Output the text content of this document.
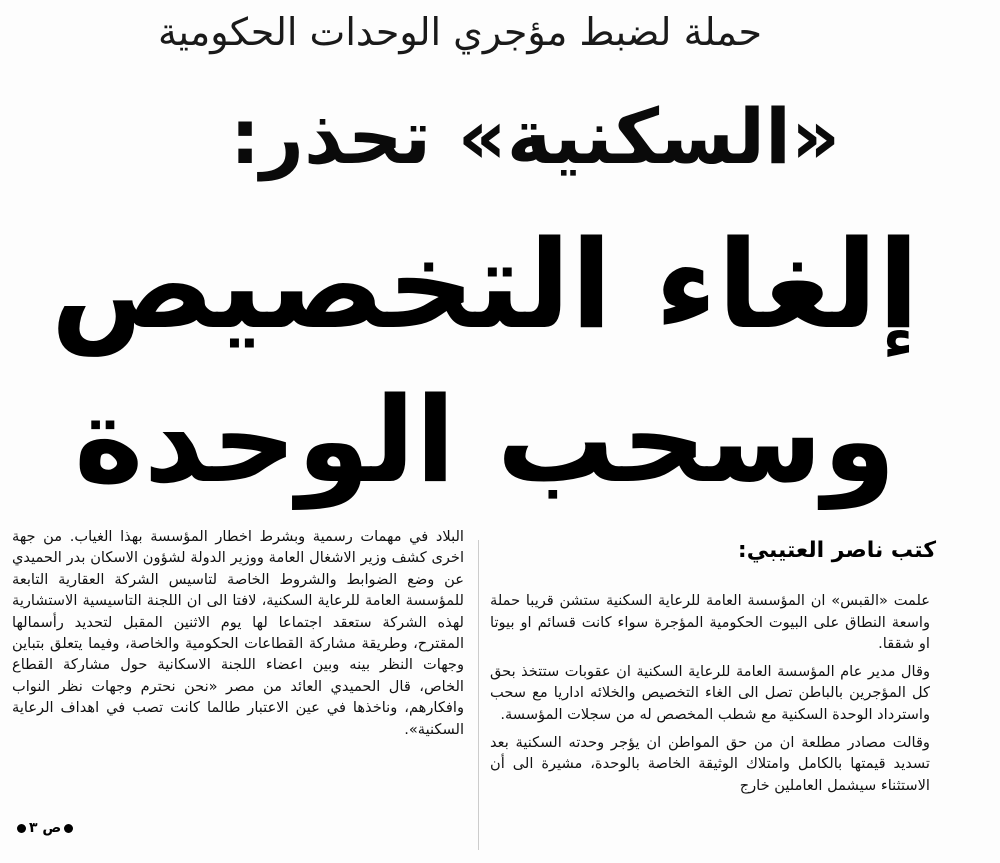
حملة لضبط مؤجري الوحدات الحكومية
«السكنية» تحذر:
إلغاء التخصيص
وسحب الوحدة
كتب ناصر العتيبي:

علمت «القبس» ان المؤسسة العامة للرعاية السكنية ستشن قريبا حملة واسعة النطاق على البيوت الحكومية المؤجرة سواء كانت قسائم او بيوتا او شققا.

وقال مدير عام المؤسسة العامة للرعاية السكنية ان عقوبات ستتخذ بحق كل المؤجرين بالباطن تصل الى الغاء التخصيص والخلائه اداريا مع سحب واسترداد الوحدة السكنية مع شطب المخصص له من سجلات المؤسسة.

وقالت مصادر مطلعة ان من حق المواطن ان يؤجر وحدته السكنية بعد تسديد قيمتها بالكامل وامتلاك الوثيقة الخاصة بالوحدة، مشيرة الى أن الاستثناء سيشمل العاملين خارج

البلاد في مهمات رسمية وبشرط اخطار المؤسسة بهذا الغياب. من جهة اخرى كشف وزير الاشغال العامة ووزير الدولة لشؤون الاسكان بدر الحميدي عن وضع الضوابط والشروط الخاصة لتاسيس الشركة العقارية التابعة للمؤسسة العامة للرعاية السكنية، لافتا الى ان اللجنة التاسيسية الاستشارية لهذه الشركة ستعقد اجتماعا لها يوم الاثنين المقبل لتحديد رأسمالها المقترح، وطريقة مشاركة القطاعات الحكومية والخاصة، وفيما يتعلق بتباين وجهات النظر بينه وبين اعضاء اللجنة الاسكانية حول مشاركة القطاع الخاص، قال الحميدي العائد من مصر «نحن نحترم وجهات نظر النواب وافكارهم، وناخذها في عين الاعتبار طالما كانت تصب في اهداف الرعاية السكنية».

ص ٣
